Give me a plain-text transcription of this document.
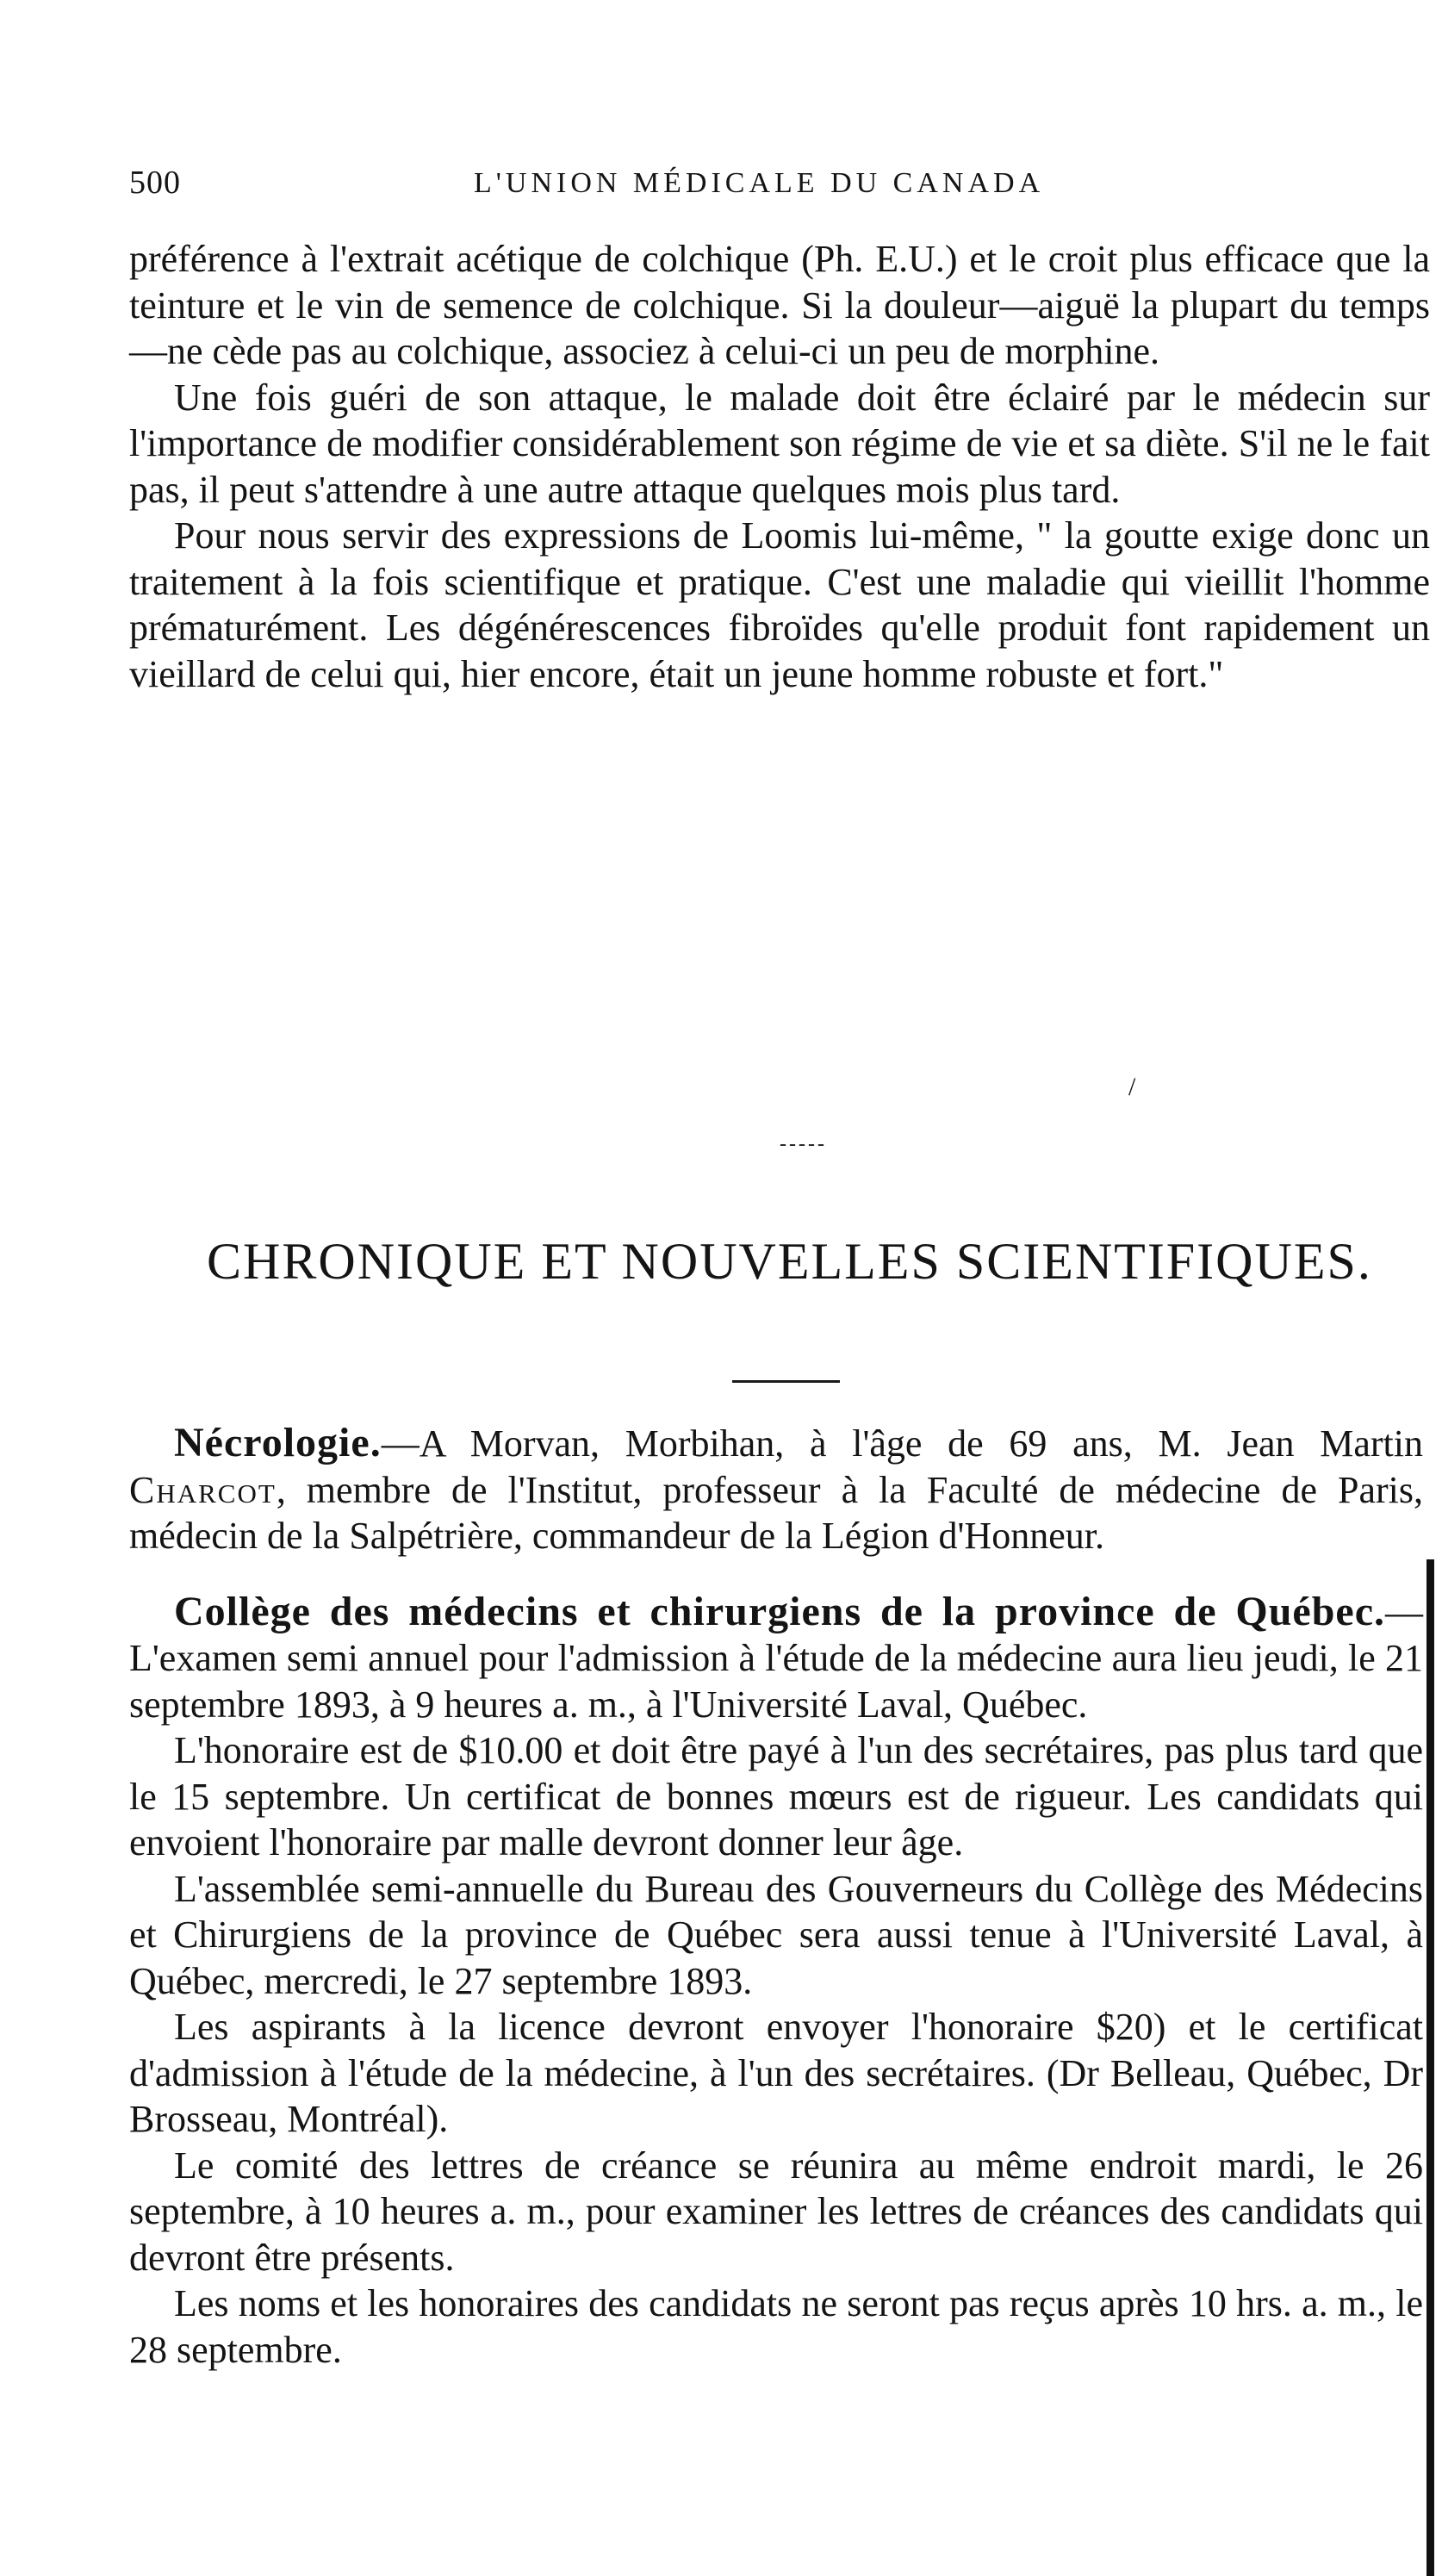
500	L'UNION MÉDICALE DU CANADA

préférence à l'extrait acétique de colchique (Ph. E.U.) et le croit plus efficace que la teinture et le vin de semence de colchique. Si la douleur—aiguë la plupart du temps—ne cède pas au colchique, associez à celui-ci un peu de morphine.

Une fois guéri de son attaque, le malade doit être éclairé par le médecin sur l'importance de modifier considérablement son régime de vie et sa diète. S'il ne le fait pas, il peut s'attendre à une autre attaque quelques mois plus tard.

Pour nous servir des expressions de Loomis lui-même, " la goutte exige donc un traitement à la fois scientifique et pratique. C'est une maladie qui vieillit l'homme prématurément. Les dégénérescences fibroïdes qu'elle produit font rapidement un vieillard de celui qui, hier encore, était un jeune homme robuste et fort."

/
-----
CHRONIQUE ET NOUVELLES SCIENTIFIQUES.

Nécrologie.—A Morvan, Morbihan, à l'âge de 69 ans, M. Jean Martin Charcot, membre de l'Institut, professeur à la Faculté de médecine de Paris, médecin de la Salpétrière, commandeur de la Légion d'Honneur.

Collège des médecins et chirurgiens de la province de Québec.—L'examen semi annuel pour l'admission à l'étude de la médecine aura lieu jeudi, le 21 septembre 1893, à 9 heures a. m., à l'Université Laval, Québec.

L'honoraire est de $10.00 et doit être payé à l'un des secrétaires, pas plus tard que le 15 septembre. Un certificat de bonnes mœurs est de rigueur. Les candidats qui envoient l'honoraire par malle devront donner leur âge.

L'assemblée semi-annuelle du Bureau des Gouverneurs du Collège des Médecins et Chirurgiens de la province de Québec sera aussi tenue à l'Université Laval, à Québec, mercredi, le 27 septembre 1893.

Les aspirants à la licence devront envoyer l'honoraire $20) et le certificat d'admission à l'étude de la médecine, à l'un des secrétaires. (Dr Belleau, Québec, Dr Brosseau, Montréal).

Le comité des lettres de créance se réunira au même endroit mardi, le 26 septembre, à 10 heures a. m., pour examiner les lettres de créances des candidats qui devront être présents.

Les noms et les honoraires des candidats ne seront pas reçus après 10 hrs. a. m., le 28 septembre.
